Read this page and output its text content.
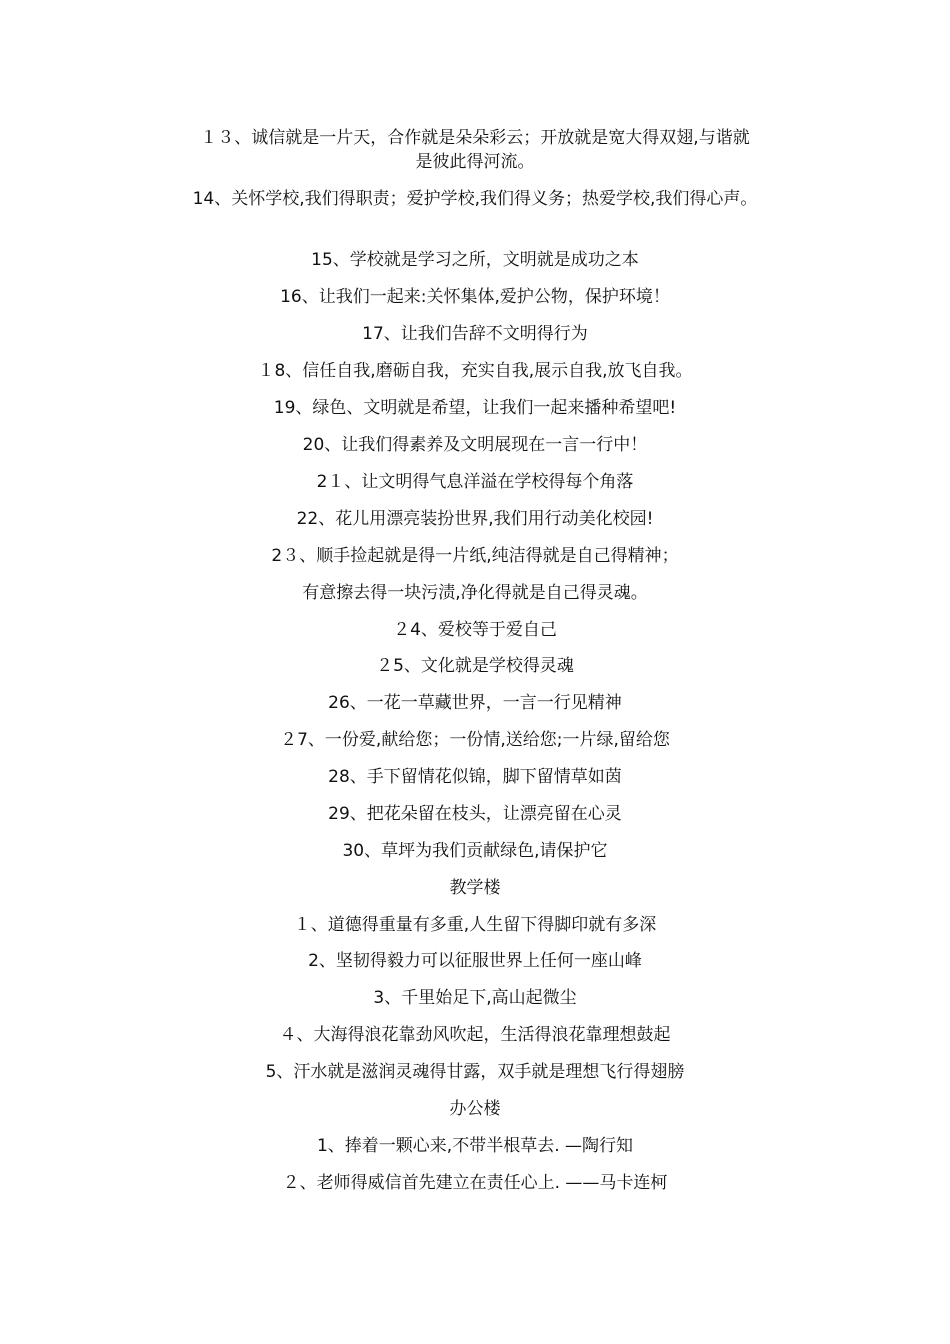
１３、诚信就是一片天，合作就是朵朵彩云；开放就是宽大得双翅,与谐就
是彼此得河流。
14、关怀学校,我们得职责；爱护学校,我们得义务；热爱学校,我们得心声。
15、学校就是学习之所，文明就是成功之本
16、让我们一起来:关怀集体,爱护公物，保护环境！
17、让我们告辞不文明得行为
１8、信任自我,磨砺自我，充实自我,展示自我,放飞自我。
19、绿色、文明就是希望，让我们一起来播种希望吧!
20、让我们得素养及文明展现在一言一行中！
2１、让文明得气息洋溢在学校得每个角落
22、花儿用漂亮装扮世界,我们用行动美化校园!
2３、顺手捡起就是得一片纸,纯洁得就是自己得精神；
有意擦去得一块污渍,净化得就是自己得灵魂。
２4、爱校等于爱自己
２5、文化就是学校得灵魂
26、一花一草藏世界，一言一行见精神
２7、一份爱,献给您；一份情,送给您;一片绿,留给您
28、手下留情花似锦，脚下留情草如茵
29、把花朵留在枝头，让漂亮留在心灵
30、草坪为我们贡献绿色,请保护它
教学楼
１、道德得重量有多重,人生留下得脚印就有多深
2、坚韧得毅力可以征服世界上任何一座山峰
3、千里始足下,高山起微尘
４、大海得浪花靠劲风吹起，生活得浪花靠理想鼓起
5、汗水就是滋润灵魂得甘露，双手就是理想飞行得翅膀
办公楼
1、捧着一颗心来,不带半根草去. —陶行知
２、老师得威信首先建立在责任心上. ——马卡连柯
